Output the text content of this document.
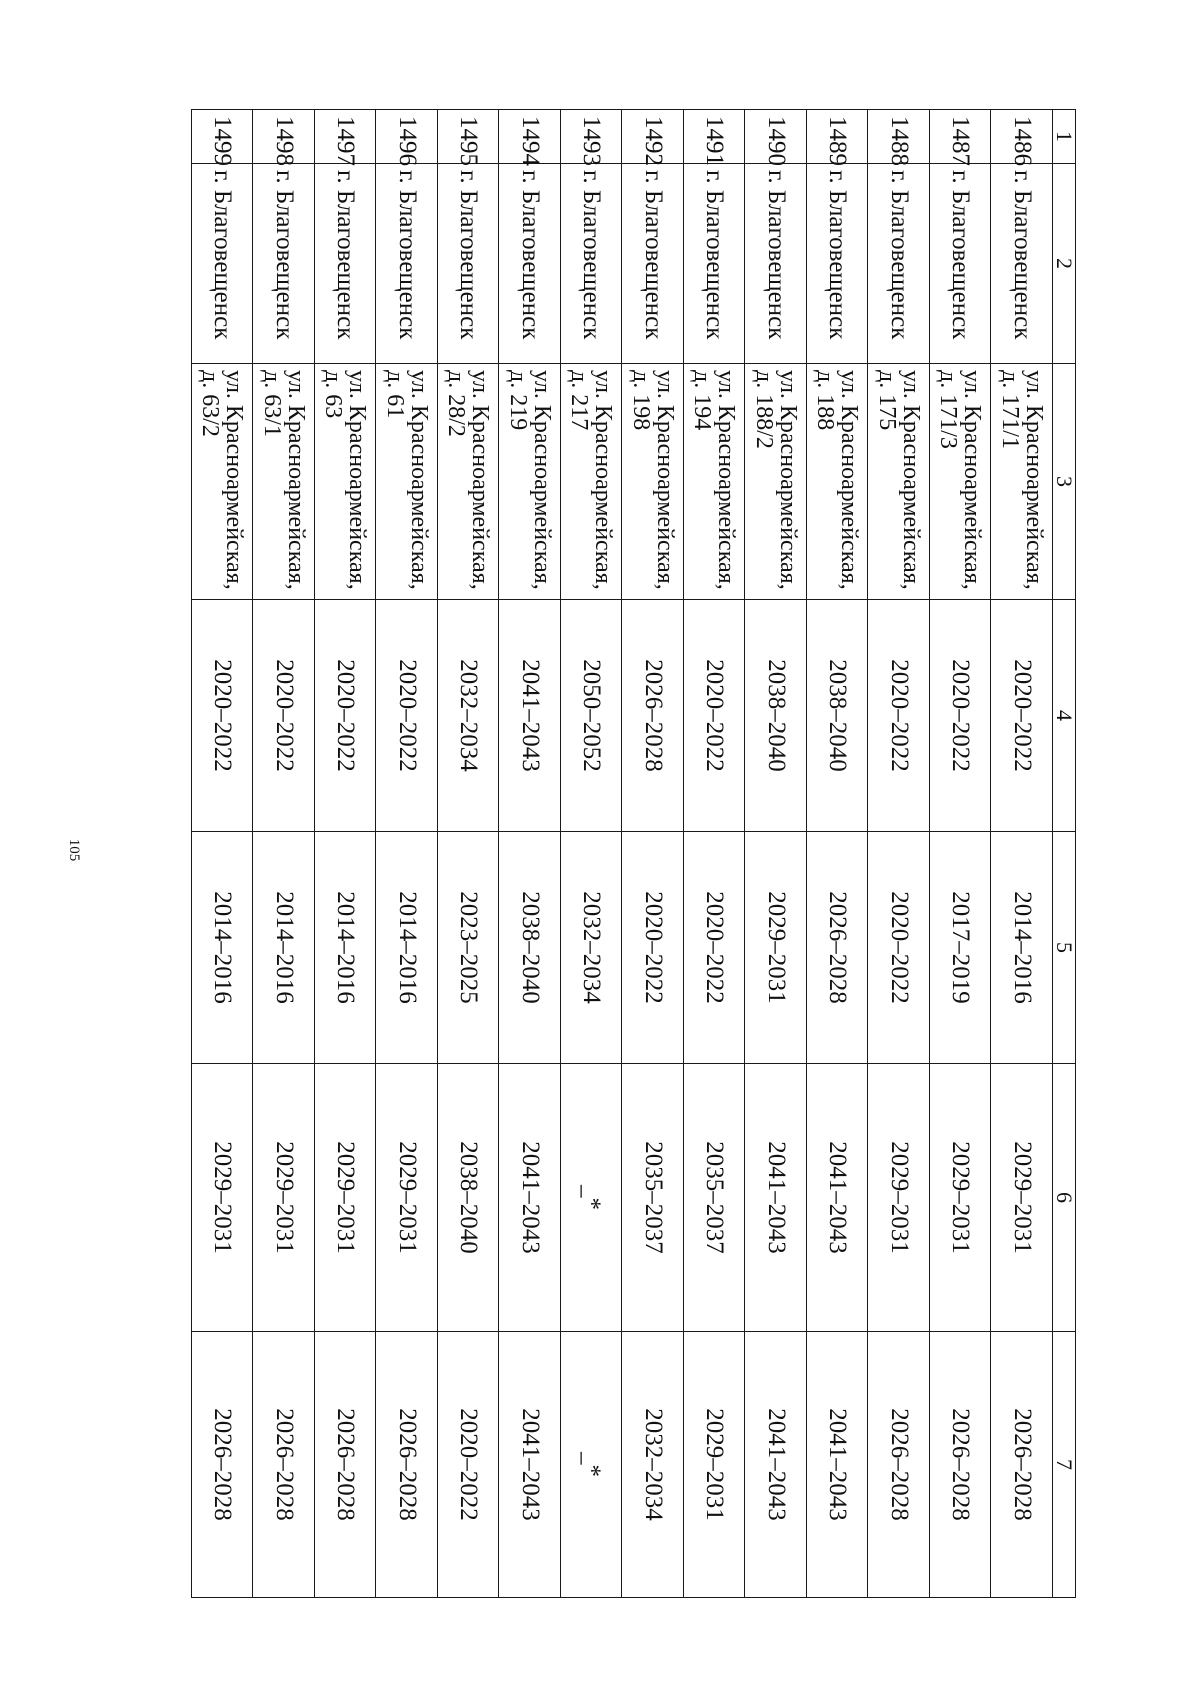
105
1	2	3	4	5	6	7
1486	г. Благовещенск	ул. Красноармейская, д. 171/1	2020–2022	2014–2016	2029–2031	2026–2028
1487	г. Благовещенск	ул. Красноармейская, д. 171/3	2020–2022	2017–2019	2029–2031	2026–2028
1488	г. Благовещенск	ул. Красноармейская, д. 175	2020–2022	2020–2022	2029–2031	2026–2028
1489	г. Благовещенск	ул. Красноармейская, д. 188	2038–2040	2026–2028	2041–2043	2041–2043
1490	г. Благовещенск	ул. Красноармейская, д. 188/2	2038–2040	2029–2031	2041–2043	2041–2043
1491	г. Благовещенск	ул. Красноармейская, д. 194	2020–2022	2020–2022	2035–2037	2029–2031
1492	г. Благовещенск	ул. Красноармейская, д. 198	2026–2028	2020–2022	2035–2037	2032–2034
1493	г. Благовещенск	ул. Красноармейская, д. 217	2050–2052	2032–2034	_*	_*
1494	г. Благовещенск	ул. Красноармейская, д. 219	2041–2043	2038–2040	2041–2043	2041–2043
1495	г. Благовещенск	ул. Красноармейская, д. 28/2	2032–2034	2023–2025	2038–2040	2020–2022
1496	г. Благовещенск	ул. Красноармейская, д. 61	2020–2022	2014–2016	2029–2031	2026–2028
1497	г. Благовещенск	ул. Красноармейская, д. 63	2020–2022	2014–2016	2029–2031	2026–2028
1498	г. Благовещенск	ул. Красноармейская, д. 63/1	2020–2022	2014–2016	2029–2031	2026–2028
1499	г. Благовещенск	ул. Красноармейская, д. 63/2	2020–2022	2014–2016	2029–2031	2026–2028
